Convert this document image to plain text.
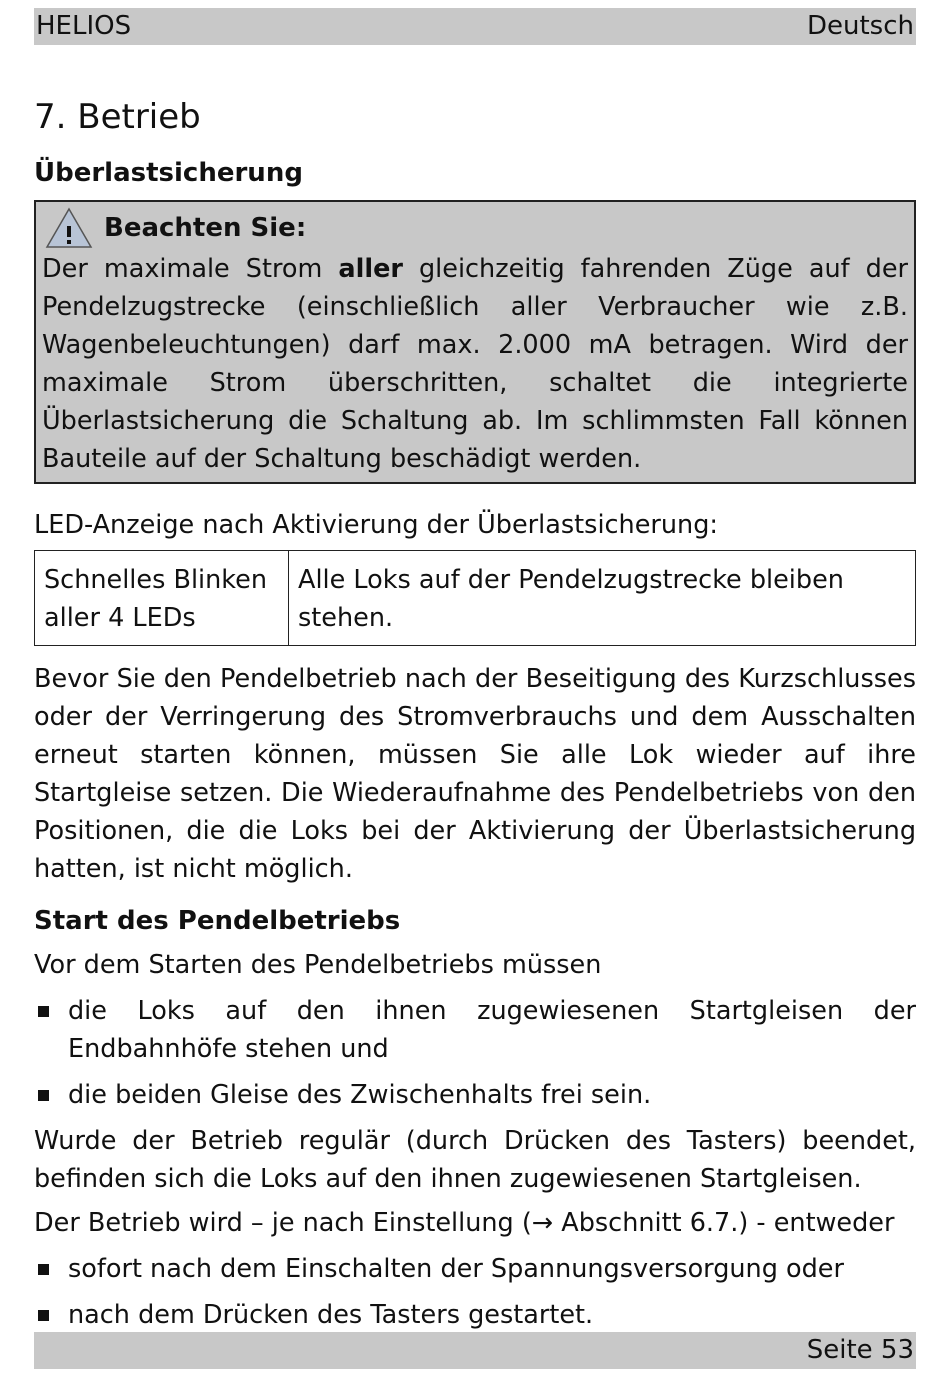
HELIOS	Deutsch
7. Betrieb
Überlastsicherung
Beachten Sie:

Der maximale Strom aller gleichzeitig fahrenden Züge auf der Pendelzugstrecke (einschließlich aller Verbraucher wie z.B. Wagenbeleuchtungen) darf max. 2.000 mA betragen. Wird der maximale Strom überschritten, schaltet die integrierte Überlastsicherung die Schaltung ab. Im schlimmsten Fall können Bauteile auf der Schaltung beschädigt werden.

LED-Anzeige nach Aktivierung der Überlastsicherung:

Schnelles Blinken aller 4 LEDs	Alle Loks auf der Pendelzugstrecke bleiben stehen.

Bevor Sie den Pendelbetrieb nach der Beseitigung des Kurzschlusses oder der Verringerung des Stromverbrauchs und dem Ausschalten erneut starten können, müssen Sie alle Lok wieder auf ihre Startgleise setzen. Die Wiederaufnahme des Pendelbetriebs von den Positionen, die die Loks bei der Aktivierung der Überlastsicherung hatten, ist nicht möglich.

Start des Pendelbetriebs

Vor dem Starten des Pendelbetriebs müssen

die Loks auf den ihnen zugewiesenen Startgleisen der Endbahnhöfe stehen und
die beiden Gleise des Zwischenhalts frei sein.

Wurde der Betrieb regulär (durch Drücken des Tasters) beendet, befinden sich die Loks auf den ihnen zugewiesenen Startgleisen.

Der Betrieb wird – je nach Einstellung (→ Abschnitt 6.7.) - entweder

sofort nach dem Einschalten der Spannungsversorgung oder
nach dem Drücken des Tasters gestartet.
Seite 53
